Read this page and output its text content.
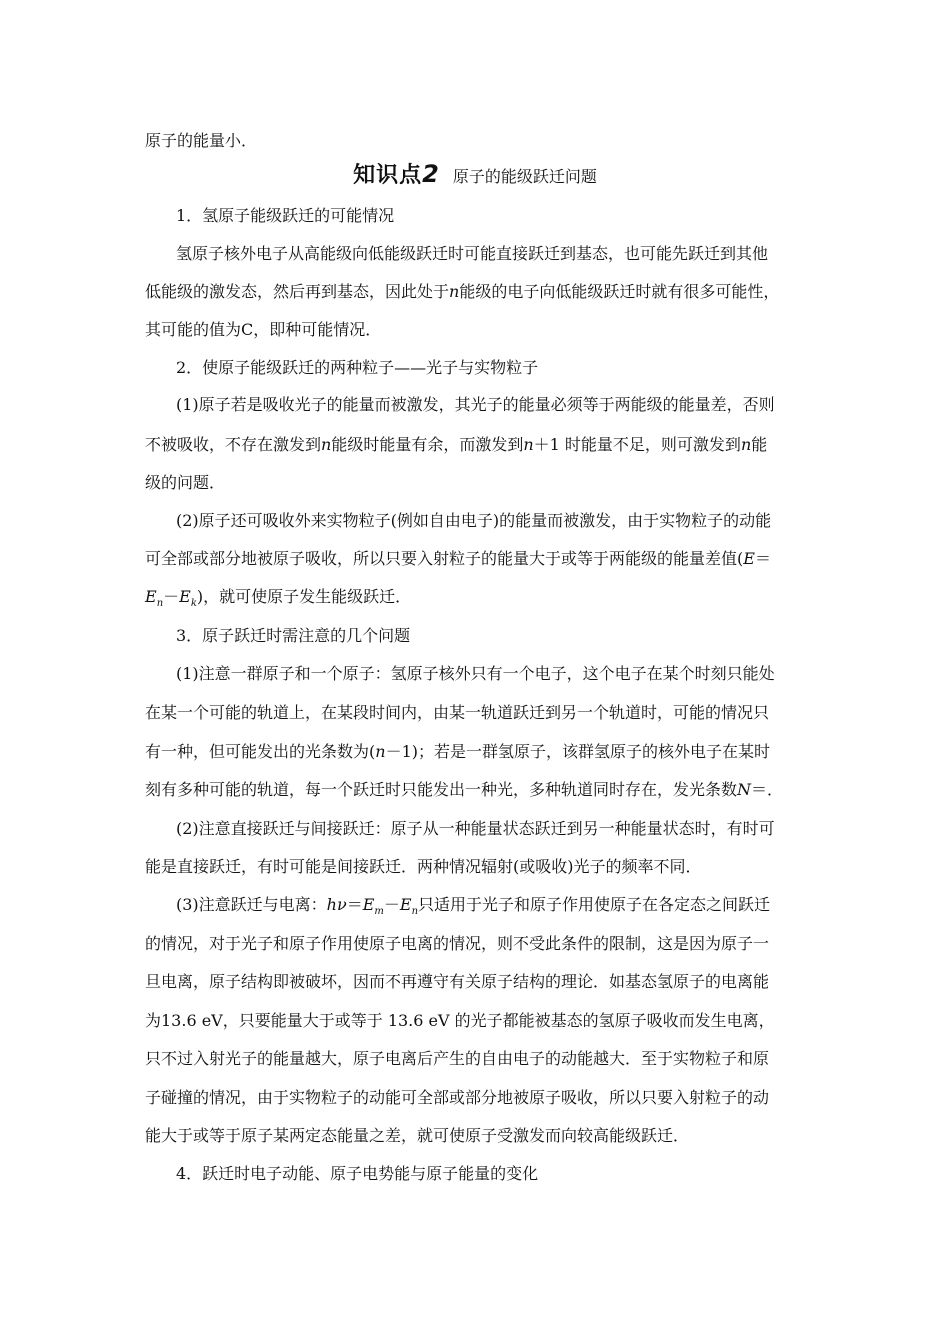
原子的能量小．
知识点2 原子的能级跃迁问题
1．氢原子能级跃迁的可能情况
氢原子核外电子从高能级向低能级跃迁时可能直接跃迁到基态，也可能先跃迁到其他
低能级的激发态，然后再到基态，因此处于n能级的电子向低能级跃迁时就有很多可能性，
其可能的值为C，即种可能情况．
2．使原子能级跃迁的两种粒子——光子与实物粒子
(1)原子若是吸收光子的能量而被激发，其光子的能量必须等于两能级的能量差，否则
不被吸收，不存在激发到n能级时能量有余，而激发到n＋1 时能量不足，则可激发到n能
级的问题．
(2)原子还可吸收外来实物粒子(例如自由电子)的能量而被激发，由于实物粒子的动能
可全部或部分地被原子吸收，所以只要入射粒子的能量大于或等于两能级的能量差值(E＝
$E_n-E_k$)，就可使原子发生能级跃迁．
3．原子跃迁时需注意的几个问题
(1)注意一群原子和一个原子：氢原子核外只有一个电子，这个电子在某个时刻只能处
在某一个可能的轨道上，在某段时间内，由某一轨道跃迁到另一个轨道时，可能的情况只
有一种，但可能发出的光条数为(n－1)；若是一群氢原子，该群氢原子的核外电子在某时
刻有多种可能的轨道，每一个跃迁时只能发出一种光，多种轨道同时存在，发光条数N＝．
(2)注意直接跃迁与间接跃迁：原子从一种能量状态跃迁到另一种能量状态时，有时可
能是直接跃迁，有时可能是间接跃迁．两种情况辐射(或吸收)光子的频率不同．
(3)注意跃迁与电离：$h\nu=E_m-E_n$只适用于光子和原子作用使原子在各定态之间跃迁
的情况，对于光子和原子作用使原子电离的情况，则不受此条件的限制，这是因为原子一
旦电离，原子结构即被破坏，因而不再遵守有关原子结构的理论．如基态氢原子的电离能
为13.6 eV，只要能量大于或等于 13.6 eV 的光子都能被基态的氢原子吸收而发生电离，
只不过入射光子的能量越大，原子电离后产生的自由电子的动能越大．至于实物粒子和原
子碰撞的情况，由于实物粒子的动能可全部或部分地被原子吸收，所以只要入射粒子的动
能大于或等于原子某两定态能量之差，就可使原子受激发而向较高能级跃迁．
4．跃迁时电子动能、原子电势能与原子能量的变化
